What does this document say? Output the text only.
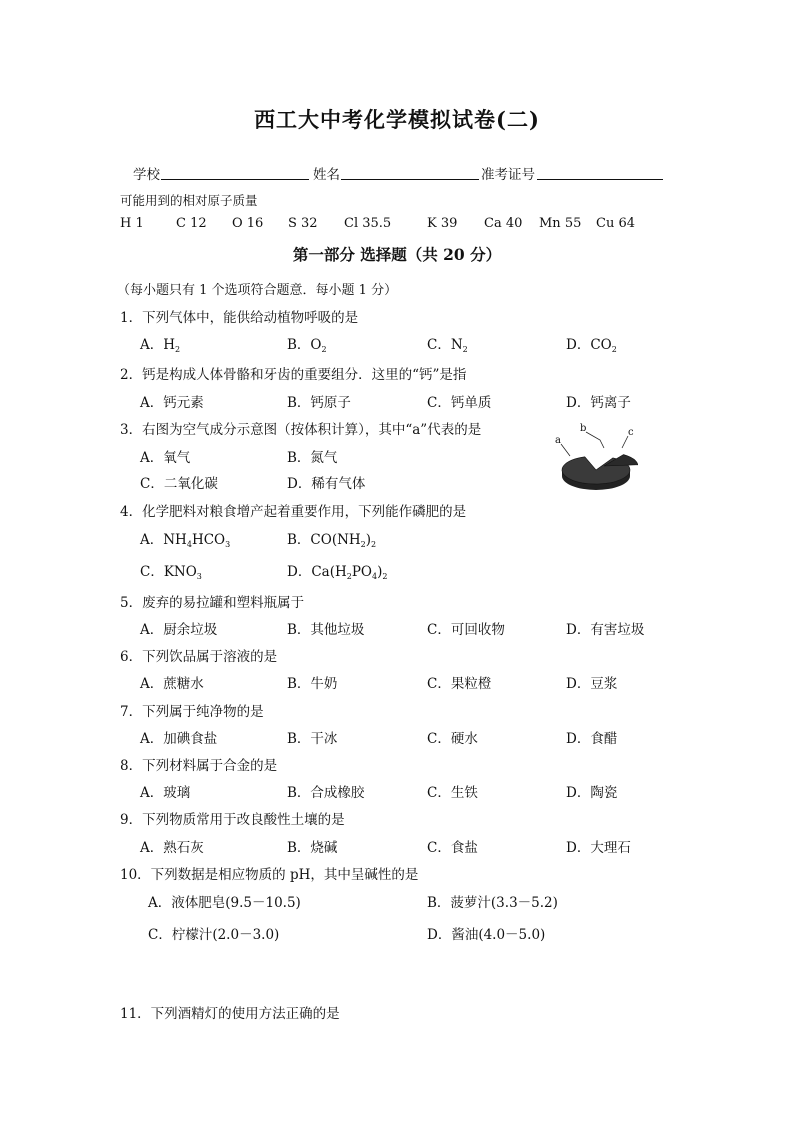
西工大中考化学模拟试卷(二)
学校	姓名	准考证号
可能用到的相对原子质量
H 1 C 12 O 16 S 32 Cl 35.5	K 39 Ca 40 Mn 55 Cu 64
第一部分 选择题（共 20 分）
（每小题只有 1 个选项符合题意．每小题 1 分）
1．下列气体中，能供给动植物呼吸的是
A．$H_2$	B．$O_2$	C．$N_2$	D．$CO_2$
2．钙是构成人体骨骼和牙齿的重要组分．这里的“钙”是指
A．钙元素	B．钙原子	C．钙单质	D．钙离子
3．右图为空气成分示意图（按体积计算），其中“a”代表的是
A．氧气	B．氮气
C．二氧化碳	D．稀有气体
a
b	c
4．化学肥料对粮食增产起着重要作用，下列能作磷肥的是
A．$NH_4HCO_3$	B．$CO(NH_2)_2$
C．$KNO_3$	D．$Ca(H_2PO_4)_2$
5．废弃的易拉罐和塑料瓶属于
A．厨余垃圾	B．其他垃圾	C．可回收物	D．有害垃圾
6．下列饮品属于溶液的是
A．蔗糖水	B．牛奶	C．果粒橙	D．豆浆
7．下列属于纯净物的是
A．加碘食盐	B．干冰	C．硬水	D．食醋
8．下列材料属于合金的是
A．玻璃	B．合成橡胶	C．生铁	D．陶瓷
9．下列物质常用于改良酸性土壤的是
A．熟石灰	B．烧碱	C．食盐	D．大理石
10．下列数据是相应物质的 pH，其中呈碱性的是
A．液体肥皂(9.5－10.5)	B．菠萝汁(3.3－5.2)
C．柠檬汁(2.0－3.0)	D．酱油(4.0－5.0)
11．下列酒精灯的使用方法正确的是
